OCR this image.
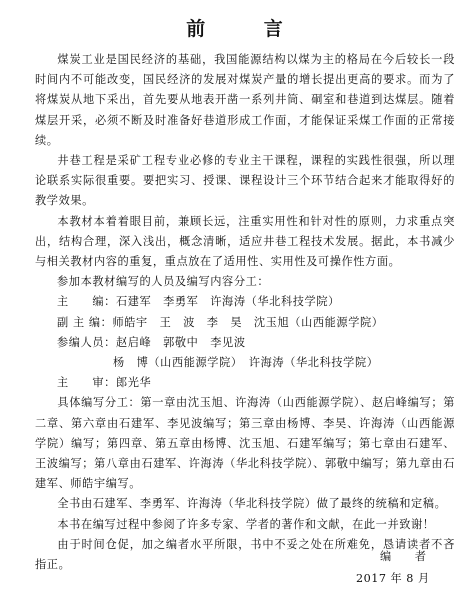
前 言

煤炭工业是国民经济的基础，我国能源结构以煤为主的格局在今后较长一段时间内不可能改变，国民经济的发展对煤炭产量的增长提出更高的要求。而为了将煤炭从地下采出，首先要从地表开凿一系列井筒、硐室和巷道到达煤层。随着煤层开采，必须不断及时准备好巷道形成工作面，才能保证采煤工作面的正常接续。

井巷工程是采矿工程专业必修的专业主干课程，课程的实践性很强，所以理论联系实际很重要。要把实习、授课、课程设计三个环节结合起来才能取得好的教学效果。

本教材本着着眼目前，兼顾长远，注重实用性和针对性的原则，力求重点突出，结构合理，深入浅出，概念清晰，适应井巷工程技术发展。据此，本书减少与相关教材内容的重复，重点放在了适用性、实用性及可操作性方面。

参加本教材编写的人员及编写内容分工：
主　　编：石建军　李勇军　许海涛（华北科技学院）
副 主 编：师皓宇　王　波　李　昊　沈玉旭（山西能源学院）
参编人员：赵启峰　郭敬中　李见波
杨　博（山西能源学院）　许海涛（华北科技学院）
主　　审：郎光华

具体编写分工：第一章由沈玉旭、许海涛（山西能源学院）、赵启峰编写；第二章、第六章由石建军、李见波编写；第三章由杨博、李昊、许海涛（山西能源学院）编写；第四章、第五章由杨博、沈玉旭、石建军编写；第七章由石建军、王波编写；第八章由石建军、许海涛（华北科技学院）、郭敬中编写；第九章由石建军、师皓宇编写。

全书由石建军、李勇军、许海涛（华北科技学院）做了最终的统稿和定稿。

本书在编写过程中参阅了许多专家、学者的著作和文献，在此一并致谢！

由于时间仓促，加之编者水平所限，书中不妥之处在所难免，恳请读者不吝指正。

编 者
2017 年 8 月
